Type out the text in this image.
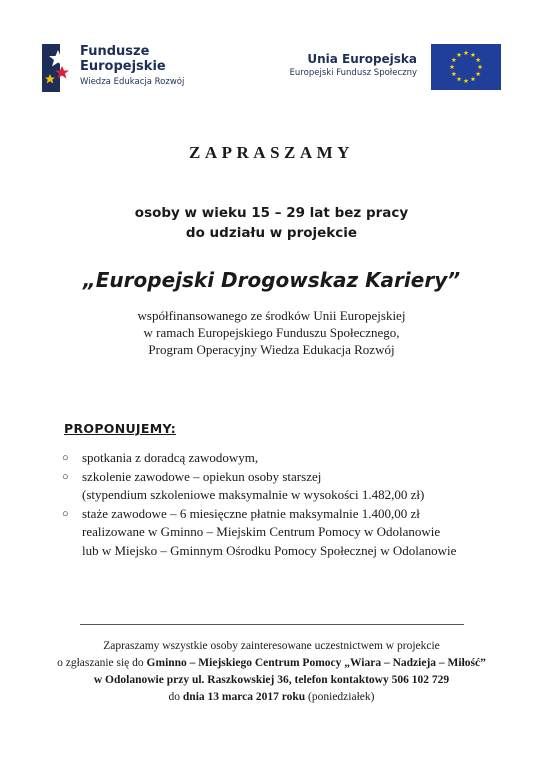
Fundusze
Europejskie
Wiedza Edukacja Rozwój
Unia Europejska
Europejski Fundusz Społeczny
ZAPRASZAMY
osoby w wieku 15 – 29 lat bez pracy
do udziału w projekcie
„Europejski Drogowskaz Kariery”
współfinansowanego ze środków Unii Europejskiej
w ramach Europejskiego Funduszu Społecznego,
Program Operacyjny Wiedza Edukacja Rozwój
PROPONUJEMY:
○ spotkania z doradcą zawodowym,
○ szkolenie zawodowe – opiekun osoby starszej
(stypendium szkoleniowe maksymalnie w wysokości 1.482,00 zł)
○ staże zawodowe – 6 miesięczne płatnie maksymalnie 1.400,00 zł
realizowane w Gminno – Miejskim Centrum Pomocy w Odolanowie
lub w Miejsko – Gminnym Ośrodku Pomocy Społecznej w Odolanowie
Zapraszamy wszystkie osoby zainteresowane uczestnictwem w projekcie
o zgłaszanie się do Gminno – Miejskiego Centrum Pomocy „Wiara – Nadzieja – Miłość”
w Odolanowie przy ul. Raszkowskiej 36, telefon kontaktowy 506 102 729
do dnia 13 marca 2017 roku (poniedziałek)
